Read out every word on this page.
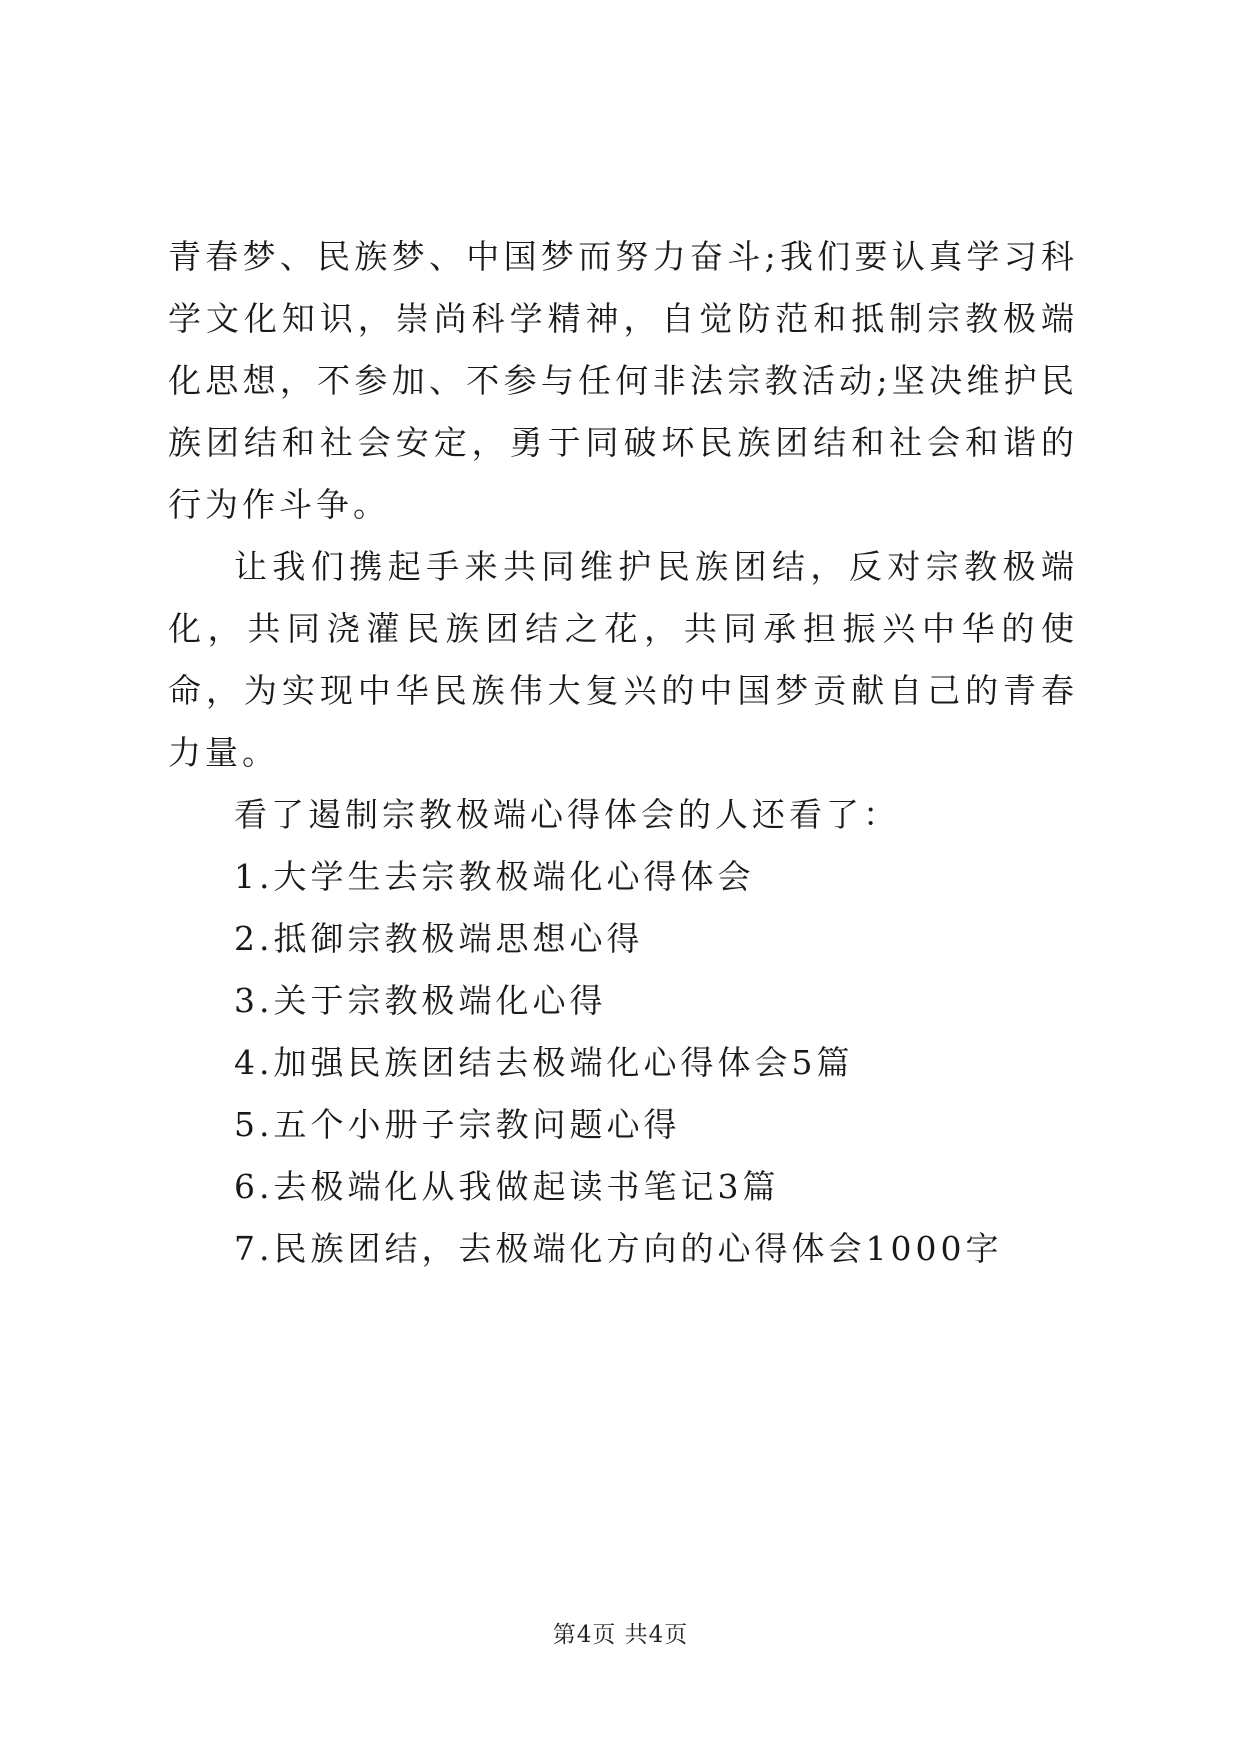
青春梦、民族梦、中国梦而努力奋斗;我们要认真学习科学文化知识，崇尚科学精神，自觉防范和抵制宗教极端化思想，不参加、不参与任何非法宗教活动;坚决维护民族团结和社会安定，勇于同破坏民族团结和社会和谐的行为作斗争。

让我们携起手来共同维护民族团结，反对宗教极端化，共同浇灌民族团结之花，共同承担振兴中华的使命，为实现中华民族伟大复兴的中国梦贡献自己的青春力量。

看了遏制宗教极端心得体会的人还看了：

1.大学生去宗教极端化心得体会
2.抵御宗教极端思想心得
3.关于宗教极端化心得
4.加强民族团结去极端化心得体会5篇
5.五个小册子宗教问题心得
6.去极端化从我做起读书笔记3篇
7.民族团结，去极端化方向的心得体会1000字
第4页 共4页
